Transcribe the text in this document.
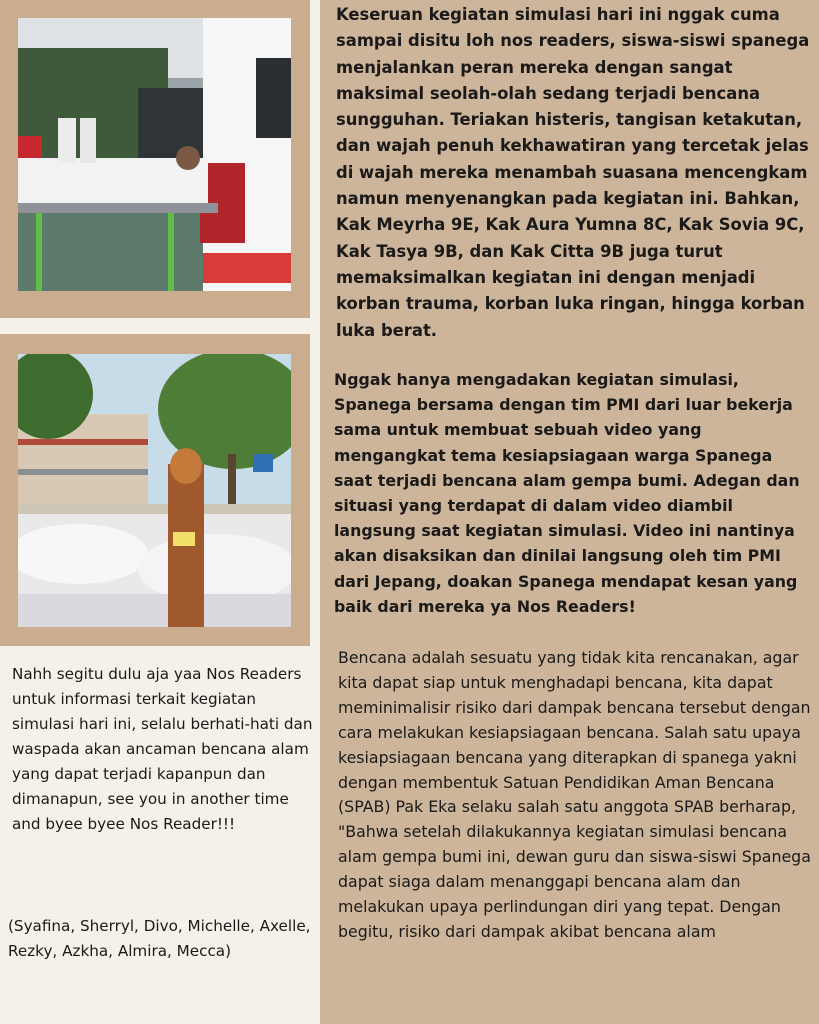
Nahh segitu dulu aja yaa Nos Readers untuk informasi terkait kegiatan simulasi hari ini, selalu berhati-hati dan waspada akan ancaman bencana alam yang dapat terjadi kapanpun dan dimanapun, see you in another time and byee byee Nos Reader!!!

(Syafina, Sherryl, Divo, Michelle, Axelle, Rezky, Azkha, Almira, Mecca)

Keseruan kegiatan simulasi hari ini nggak cuma sampai disitu loh nos readers, siswa-siswi spanega menjalankan peran mereka dengan sangat maksimal seolah-olah sedang terjadi bencana sungguhan. Teriakan histeris, tangisan ketakutan, dan wajah penuh kekhawatiran yang tercetak jelas di wajah mereka menambah suasana mencengkam namun menyenangkan pada kegiatan ini. Bahkan, Kak Meyrha 9E, Kak Aura Yumna 8C, Kak Sovia 9C, Kak Tasya 9B, dan Kak Citta 9B juga turut memaksimalkan kegiatan ini dengan menjadi korban trauma, korban luka ringan, hingga korban luka berat.

Nggak hanya mengadakan kegiatan simulasi, Spanega bersama dengan tim PMI dari luar bekerja sama untuk membuat sebuah video yang mengangkat tema kesiapsiagaan warga Spanega saat terjadi bencana alam gempa bumi. Adegan dan situasi yang terdapat di dalam video diambil langsung saat kegiatan simulasi. Video ini nantinya akan disaksikan dan dinilai langsung oleh tim PMI dari Jepang, doakan Spanega mendapat kesan yang baik dari mereka ya Nos Readers!

Bencana adalah sesuatu yang tidak kita rencanakan, agar kita dapat siap untuk menghadapi bencana, kita dapat meminimalisir risiko dari dampak bencana tersebut dengan cara melakukan kesiapsiagaan bencana. Salah satu upaya kesiapsiagaan bencana yang diterapkan di spanega yakni dengan membentuk Satuan Pendidikan Aman Bencana (SPAB) Pak Eka selaku salah satu anggota SPAB berharap, "Bahwa setelah dilakukannya kegiatan simulasi bencana alam gempa bumi ini, dewan guru dan siswa-siswi Spanega dapat siaga dalam menanggapi bencana alam dan melakukan upaya perlindungan diri yang tepat. Dengan begitu, risiko dari dampak akibat bencana alam
